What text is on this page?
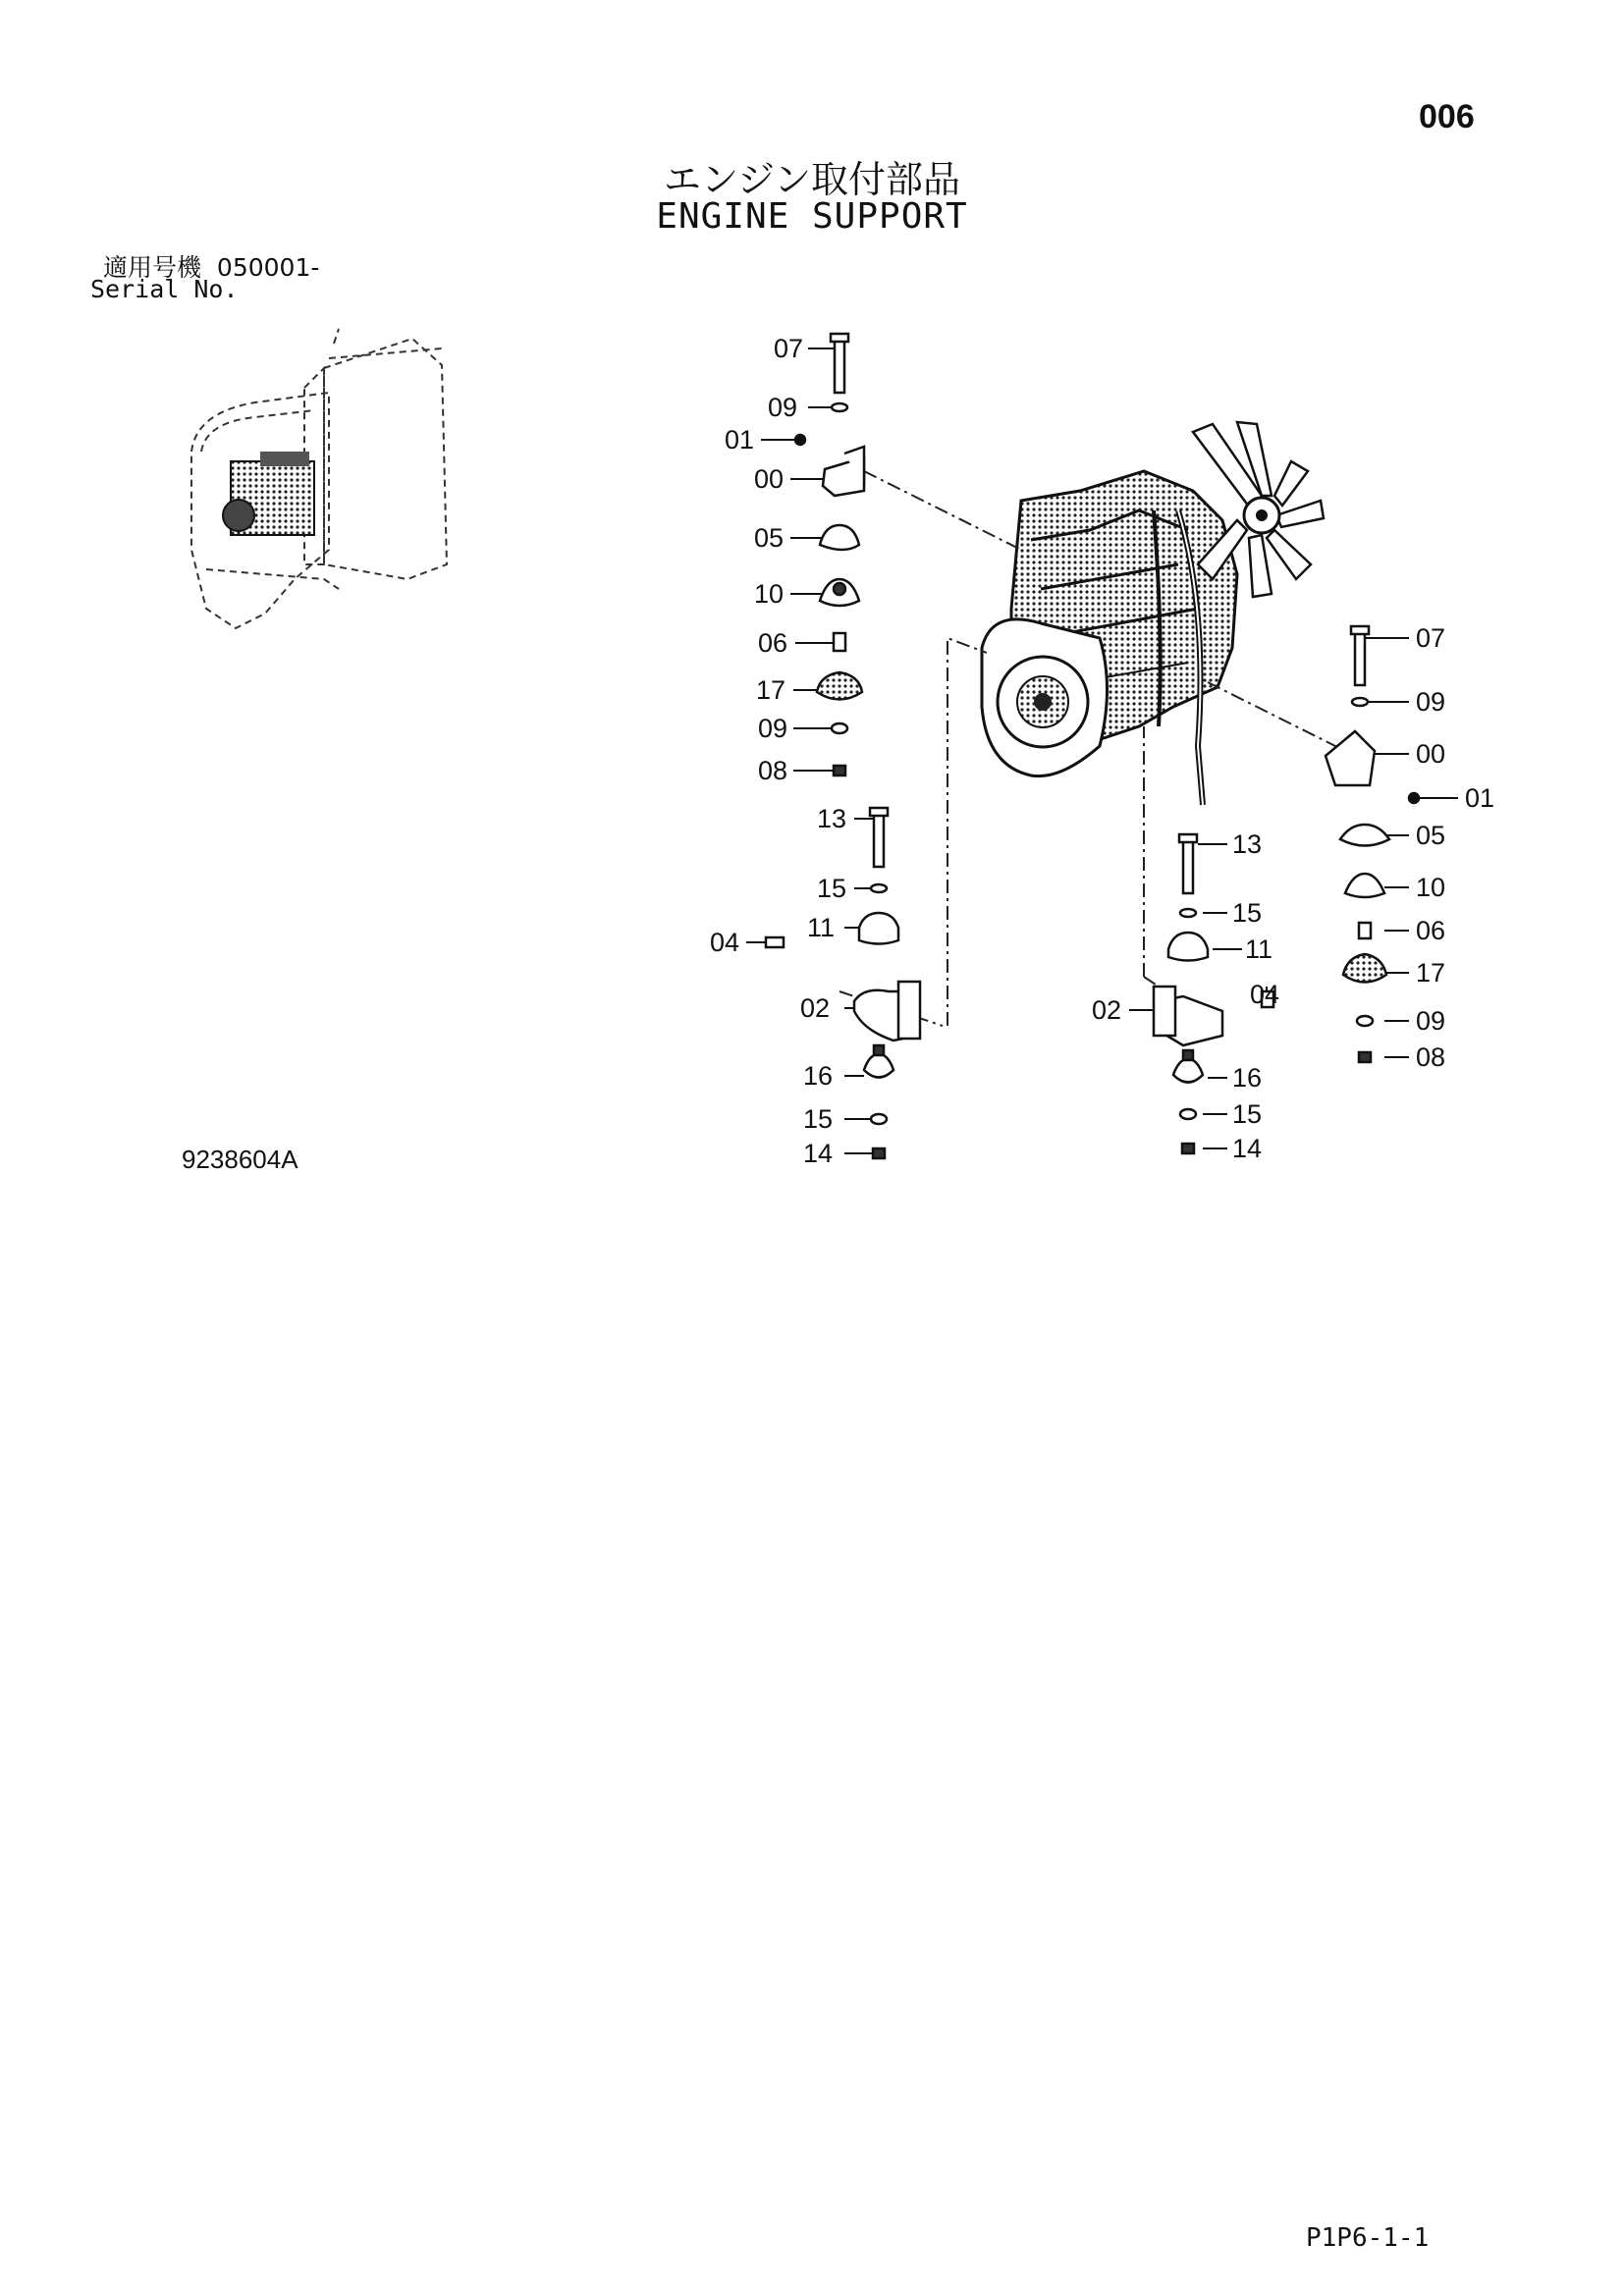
006
エンジン取付部品
ENGINE SUPPORT
適用号機 050001-
Serial No.
07
09
01
00
05
10
06
17
09
08
07
09
00
01
05
10
06
17
09
08
13
15
04	11
02
16
15
14
13
15
11
04
02
16
15
14
9238604A
P1P6-1-1
